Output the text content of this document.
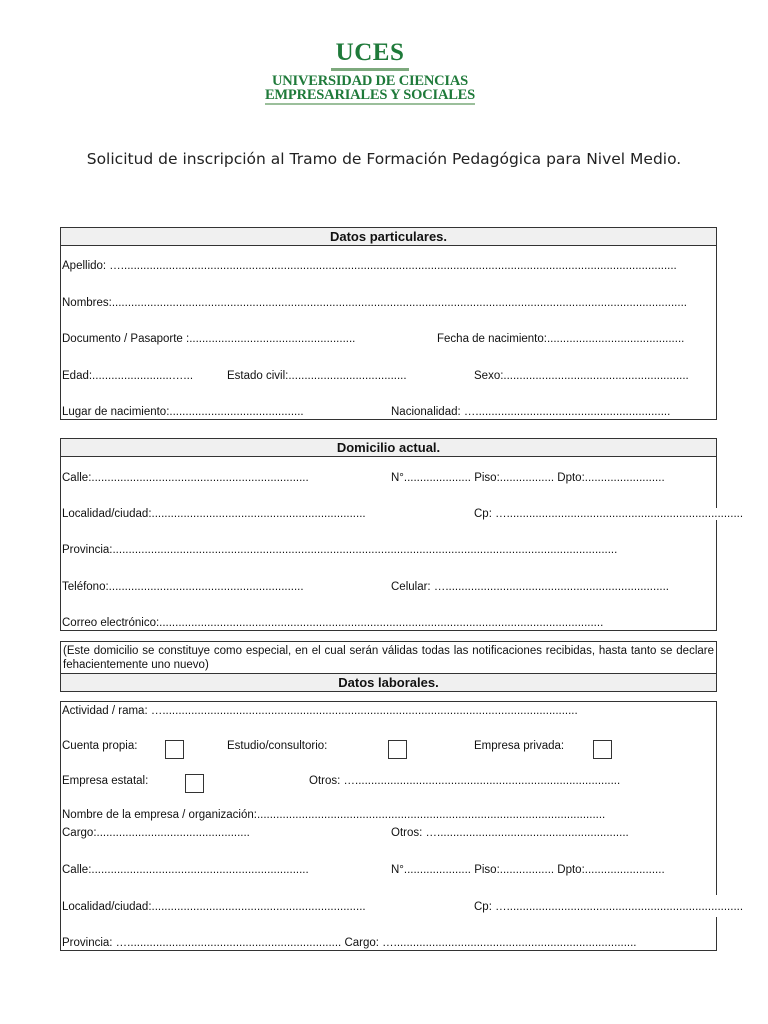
UCES
UNIVERSIDAD DE CIENCIAS
EMPRESARIALES Y SOCIALES
Solicitud de inscripción al Tramo de Formación Pedagógica para Nivel Medio.
Datos particulares.
Apellido: …..............................................................................................................................................................................
Nombres:....................................................................................................................................................................................
Documento / Pasaporte :....................................................	Fecha de nacimiento:...........................................
Edad:.........................…...	Estado civil:.....................................	Sexo:..........................................................
Lugar de nacimiento:..........................................	Nacionalidad: ….............................................................
Domicilio actual.
Calle:....................................................................	N°..................... Piso:................. Dpto:.........................
Localidad/ciudad:...................................................................	Cp: …..........................................................................
Provincia:..............................................................................................................................................................
Teléfono:.............................................................	Celular: …......................................................................
Correo electrónico:...........................................................................................................................................
(Este domicilio se constituye como especial, en el cual serán válidas todas las notificaciones recibidas, hasta tanto se declare fehacientemente uno nuevo)
Datos laborales.
Actividad / rama: …..................................................................................................................................
Cuenta propia:	Estudio/consultorio:	Empresa privada:
Empresa estatal:	Otros: …...................................................................................
Nombre de la empresa / organización:.............................................................................................................
Cargo:................................................	Otros: …............................................................
Calle:....................................................................	N°..................... Piso:................. Dpto:.........................
Localidad/ciudad:...................................................................	Cp: …..........................................................................
Provincia: …................................................................... Cargo: …............................................................................
